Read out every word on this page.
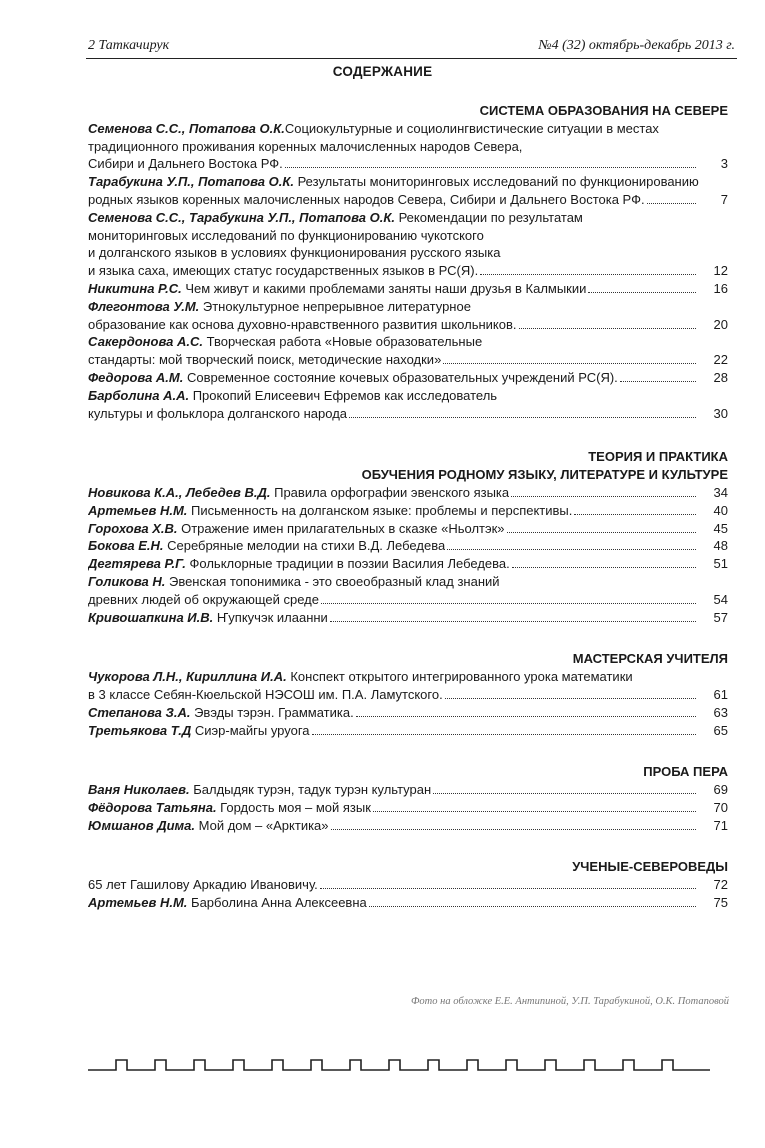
2 Таткачирук	№4 (32) октябрь-декабрь 2013 г.
СОДЕРЖАНИЕ
СИСТЕМА ОБРАЗОВАНИЯ НА СЕВЕРЕ
Семенова С.С., Потапова О.К.Социокультурные и социолингвистические ситуации в местах
традиционного проживания коренных малочисленных народов Севера,
Сибири и Дальнего Востока РФ.	3
Тарабукина У.П., Потапова О.К. Результаты мониторинговых исследований по функционированию
родных языков коренных малочисленных народов Севера, Сибири и Дальнего Востока РФ.	7
Семенова С.С., Тарабукина У.П., Потапова О.К. Рекомендации по результатам
мониторинговых исследований по функционированию чукотского
и долганского языков в условиях функционирования русского языка
и языка саха, имеющих статус государственных языков в РС(Я).	12
Никитина Р.С. Чем живут и какими проблемами заняты наши друзья в Калмыкии	16
Флегонтова У.М. Этнокультурное непрерывное литературное
образование как основа духовно-нравственного развития школьников.	20
Сакердонова А.С. Творческая работа «Новые образовательные
стандарты: мой творческий поиск, методические находки»	22
Федорова А.М. Современное состояние кочевых образовательных учреждений РС(Я).	28
Барболина А.А. Прокопий Елисеевич Ефремов как исследователь
культуры и фольклора долганского народа	30
ТЕОРИЯ И ПРАКТИКА
ОБУЧЕНИЯ РОДНОМУ ЯЗЫКУ, ЛИТЕРАТУРЕ И КУЛЬТУРЕ
Новикова К.А., Лебедев В.Д. Правила орфографии эвенского языка	34
Артемьев Н.М. Письменность на долганском языке: проблемы и перспективы.	40
Горохова Х.В. Отражение имен прилагательных в сказке «Ньолтэк»	45
Бокова Е.Н. Серебряные мелодии на стихи В.Д. Лебедева	48
Дегтярева Р.Г. Фольклорные традиции в поэзии Василия Лебедева.	51
Голикова Н. Эвенская топонимика - это своеобразный клад знаний
древних людей об окружающей среде	54
Кривошапкина И.В. Ҥупкучэк илаанни	57
МАСТЕРСКАЯ УЧИТЕЛЯ
Чукорова Л.Н., Кириллина И.А. Конспект открытого интегрированного урока математики
в 3 классе Себян-Кюельской НЭСОШ им. П.А. Ламутского.	61
Степанова З.А. Эвэды тэрэн. Грамматика.	63
Третьякова Т.Д Сиэр-майгы уруога	65
ПРОБА ПЕРА
Ваня Николаев. Балдыдяк турэн, тадук турэн культуран	69
Фёдорова Татьяна. Гордость моя – мой язык	70
Юмшанов Дима. Мой дом – «Арктика»	71
УЧЕНЫЕ-СЕВЕРОВЕДЫ
65 лет Гашилову Аркадию Ивановичу.	72
Артемьев Н.М. Барболина Анна Алексеевна	75
Фото на обложке Е.Е. Антипиной, У.П. Тарабукиной, О.К. Потаповой
